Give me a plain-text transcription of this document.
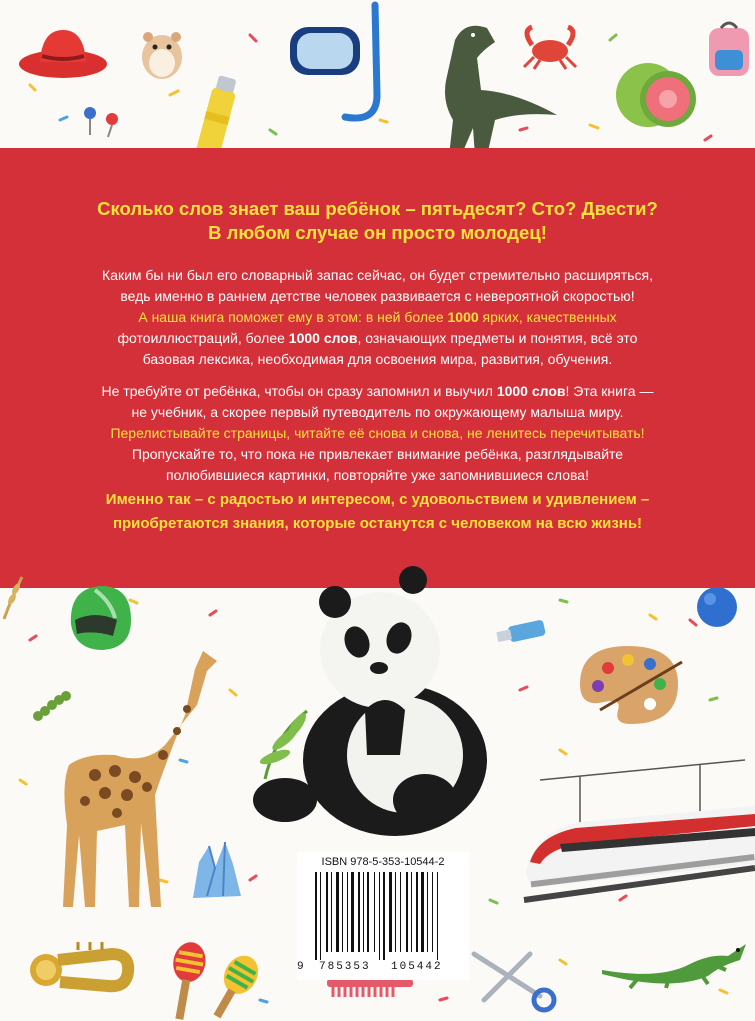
Сколько слов знает ваш ребёнок – пятьдесят? Сто? Двести?
В любом случае он просто молодец!
Каким бы ни был его словарный запас сейчас, он будет стремительно расширяться,
ведь именно в раннем детстве человек развивается с невероятной скоростью!
А наша книга поможет ему в этом: в ней более 1000 ярких, качественных
фотоиллюстраций, более 1000 слов, означающих предметы и понятия, всё это
базовая лексика, необходимая для освоения мира, развития, обучения.
Не требуйте от ребёнка, чтобы он сразу запомнил и выучил 1000 слов! Эта книга —
не учебник, а скорее первый путеводитель по окружающему малыша миру.
Перелистывайте страницы, читайте её снова и снова, не ленитесь перечитывать!
Пропускайте то, что пока не привлекает внимание ребёнка, разглядывайте
полюбившиеся картинки, повторяйте уже запомнившиеся слова!
Именно так – с радостью и интересом, с удовольствием и удивлением –
приобретаются знания, которые останутся с человеком на всю жизнь!
ISBN 978-5-353-10544-2
9 785353 105442
